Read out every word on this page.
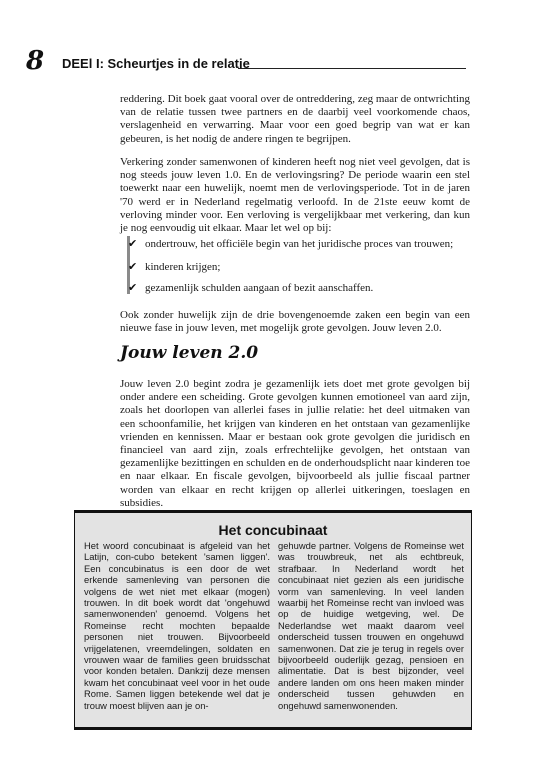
8 DEEl I: Scheurtjes in de relatie

reddering. Dit boek gaat vooral over de ontreddering, zeg maar de ontwrichting van de relatie tussen twee partners en de daarbij veel voorkomende chaos, verslagenheid en verwarring. Maar voor een goed begrip van wat er kan gebeuren, is het nodig de andere ringen te begrijpen.

Verkering zonder samenwonen of kinderen heeft nog niet veel gevolgen, dat is nog steeds jouw leven 1.0. En de verlovingsring? De periode waarin een stel toewerkt naar een huwelijk, noemt men de verlovingsperiode. Tot in de jaren '70 werd er in Nederland regelmatig verloofd. In de 21ste eeuw komt de verloving minder voor. Een verloving is vergelijkbaar met verkering, dan kun je nog eenvoudig uit elkaar. Maar let wel op bij:

✔ ondertrouw, het officiële begin van het juridische proces van trouwen;
✔ kinderen krijgen;
✔ gezamenlijk schulden aangaan of bezit aanschaffen.

Ook zonder huwelijk zijn de drie bovengenoemde zaken een begin van een nieuwe fase in jouw leven, met mogelijk grote gevolgen. Jouw leven 2.0.

Jouw leven 2.0

Jouw leven 2.0 begint zodra je gezamenlijk iets doet met grote gevolgen bij onder andere een scheiding. Grote gevolgen kunnen emotioneel van aard zijn, zoals het doorlopen van allerlei fases in jullie relatie: het deel uitmaken van een schoonfamilie, het krijgen van kinderen en het ontstaan van gezamenlijke vrienden en kennissen. Maar er bestaan ook grote gevolgen die juridisch en financieel van aard zijn, zoals erfrechtelijke gevolgen, het ontstaan van gezamenlijke bezittingen en schulden en de onderhoudsplicht naar kinderen toe en naar elkaar. En fiscale gevolgen, bijvoorbeeld als jullie fiscaal partner worden van elkaar en recht krijgen op allerlei uitkeringen, toeslagen en subsidies.

Het concubinaat

Het woord concubinaat is afgeleid van het Latijn, con-cubo betekent 'samen liggen'. Een concubinatus is een door de wet erkende samenleving van personen die volgens de wet niet met elkaar (mogen) trouwen. In dit boek wordt dat 'ongehuwd samenwonenden' genoemd. Volgens het Romeinse recht mochten bepaalde personen niet trouwen. Bijvoorbeeld vrijgelatenen, vreemdelingen, soldaten en vrouwen waar de families geen bruidsschat voor konden betalen. Dankzij deze mensen kwam het concubinaat veel voor in het oude Rome. Samen liggen betekende wel dat je trouw moest blijven aan je on-

gehuwde partner. Volgens de Romeinse wet was trouwbreuk, net als echtbreuk, strafbaar. In Nederland wordt het concubinaat niet gezien als een juridische vorm van samenleving. In veel landen waarbij het Romeinse recht van invloed was op de huidige wetgeving, wel. De Nederlandse wet maakt daarom veel onderscheid tussen trouwen en ongehuwd samenwonen. Dat zie je terug in regels over bijvoorbeeld ouderlijk gezag, pensioen en alimentatie. Dat is best bijzonder, veel andere landen om ons heen maken minder onderscheid tussen gehuwden en ongehuwd samenwonenden.
